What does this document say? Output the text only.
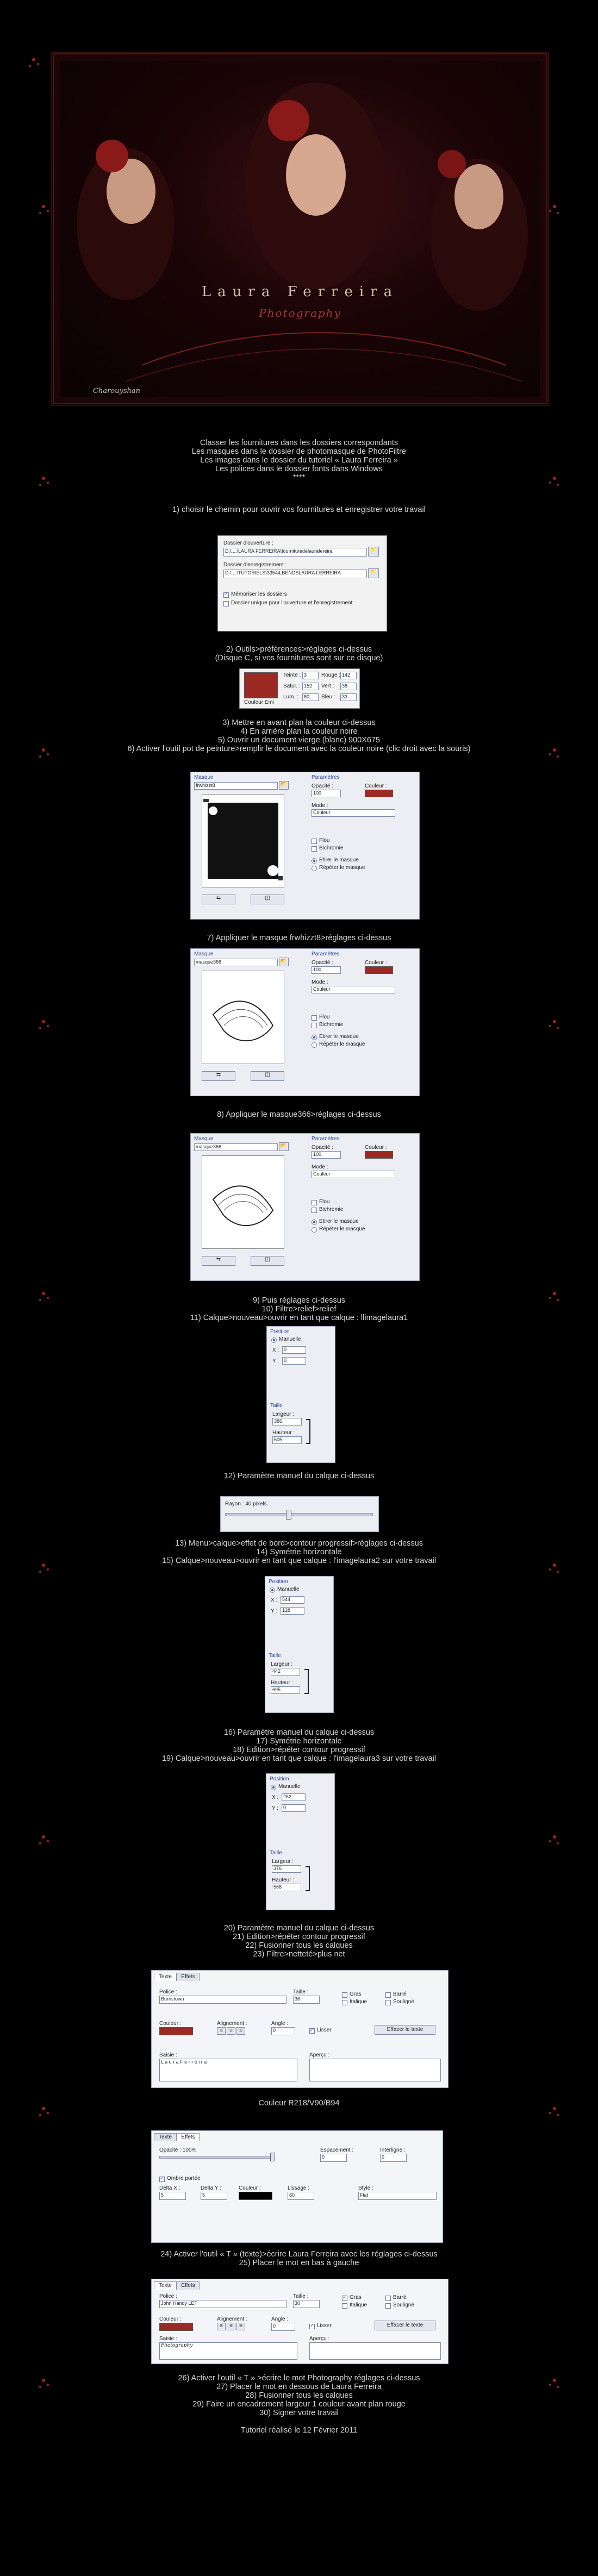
Laura Ferreira
Photography
Charouyshan
Classer les fournitures dans les dossiers correspondants
Les masques dans le dossier de photomasque de PhotoFiltre
Les images dans le dossier du tutoriel « Laura Ferreira »
Les polices dans le dossier fonts dans Windows
****
1) choisir le chemin pour ouvrir vos fournitures et enregistrer votre travail
Dossier d'ouverture :
D:\....\LAURA FERREIRA\fournituredelaurafereira	📁
Dossier d'enregistrement :
D:\....\TUTORIELS\3354\LBENDSLAURA FERREIRA	📁
✓
Mémoriser les dossiers
Dossier unique pour l'ouverture et l'enregistrement
2) Outils>préférences>réglages ci-dessus
(Disque C, si vos fournitures sont sur ce disque)
Couleur Emi
Teinte : 3	Rouge : 142
Satur. : 152	Vert :	38
Lum. :	80	Bleu :	33
3) Mettre en avant plan la couleur ci-dessus
4) En arrière plan la couleur noire
5) Ouvrir un document vierge (blanc) 900X675
6) Activer l'outil pot de peinture>remplir le document avec la couleur noire (clic droit avec la souris)
Masque
frwhizzt8	📂
⇆	◫
Paramètres
Opacité :
100
Couleur :
Mode :
Couleur
Flou
Bichromie
Etirer le masque
Répéter le masque
7) Appliquer le masque frwhizzt8>réglages ci-dessus
Masque
masque366	📂
⇆	◫
Paramètres
Opacité :
100
Couleur :
Mode :
Couleur
Flou
Bichromie
Etirer le masque
Répéter le masque
8) Appliquer le masque366>réglages ci-dessus
Masque
masque366	📂
⇆	◫
Paramètres
Opacité :
100
Couleur :
Mode :
Couleur
Flou
Bichromie
Etirer le masque
Répéter le masque
9) Puis réglages ci-dessus
10) Filtre>relief>relief
11) Calque>nouveau>ouvrir en tant que calque : llimagelaura1
Position
Manuelle
X : 0
Y : 0
Taille
Largeur :
386
Hauteur :
605
12) Paramètre manuel du calque ci-dessus
Rayon : 40 pixels
13) Menu>calque>effet de bord>contour progressif>réglages ci-dessus
14) Symétrie horizontale
15) Calque>nouveau>ouvrir en tant que calque : l'imagelaura2 sur votre travail
Position
Manuelle
X : 544
Y : 128
Taille
Largeur :
442
Hauteur :
695
16) Paramètre manuel du calque ci-dessus
17) Symétrie horizontale
18) Edition>répéter contour progressif
19) Calque>nouveau>ouvrir en tant que calque : l'imagelaura3 sur votre travail
Position
Manuelle
X : 262
Y : 0
Taille
Largeur :
376
Hauteur :
568
20) Paramètre manuel du calque ci-dessus
21) Edition>répéter contour progressif
22) Fusionner tous les calques
23) Filtre>netteté>plus net
Texte	Effets
Police :
Burnstown
Taille :
36
Gras
Italique
Barré
Souligné
Couleur :	Alignement :
≡	≡	≡
Angle :
0 ✓	Lisser	Effacer le texte
Saisie :
L a u r a F e r r e i r a
Aperçu :
Couleur R218/V90/B94
Texte	Effets
Opacité : 100%	Espacement :
0
Interligne :
0
✓
Ombre portée
Delta X :
5
Delta Y :
5
Couleur :	Lissage :
80
Style :
Flat
24) Activer l'outil « T » (texte)>écrire Laura Ferreira avec les réglages ci-dessus
25) Placer le mot en bas à gauche
Texte	Effets
Police :
John Handy LET
Taille :
30
✓
Gras
Italique
Barré
Souligné
Couleur :	Alignement :
≡	≡	≡
Angle :
0 ✓	Lisser	Effacer le texte
Saisie :
Photography
Aperçu :
26) Activer l'outil « T » >écrire le mot Photography réglages ci-dessus
27) Placer le mot en dessous de Laura Ferreira
28) Fusionner tous les calques
29) Faire un encadrement largeur 1 couleur avant plan rouge
30) Signer votre travail
Tutoriel réalisé le 12 Février 2011
